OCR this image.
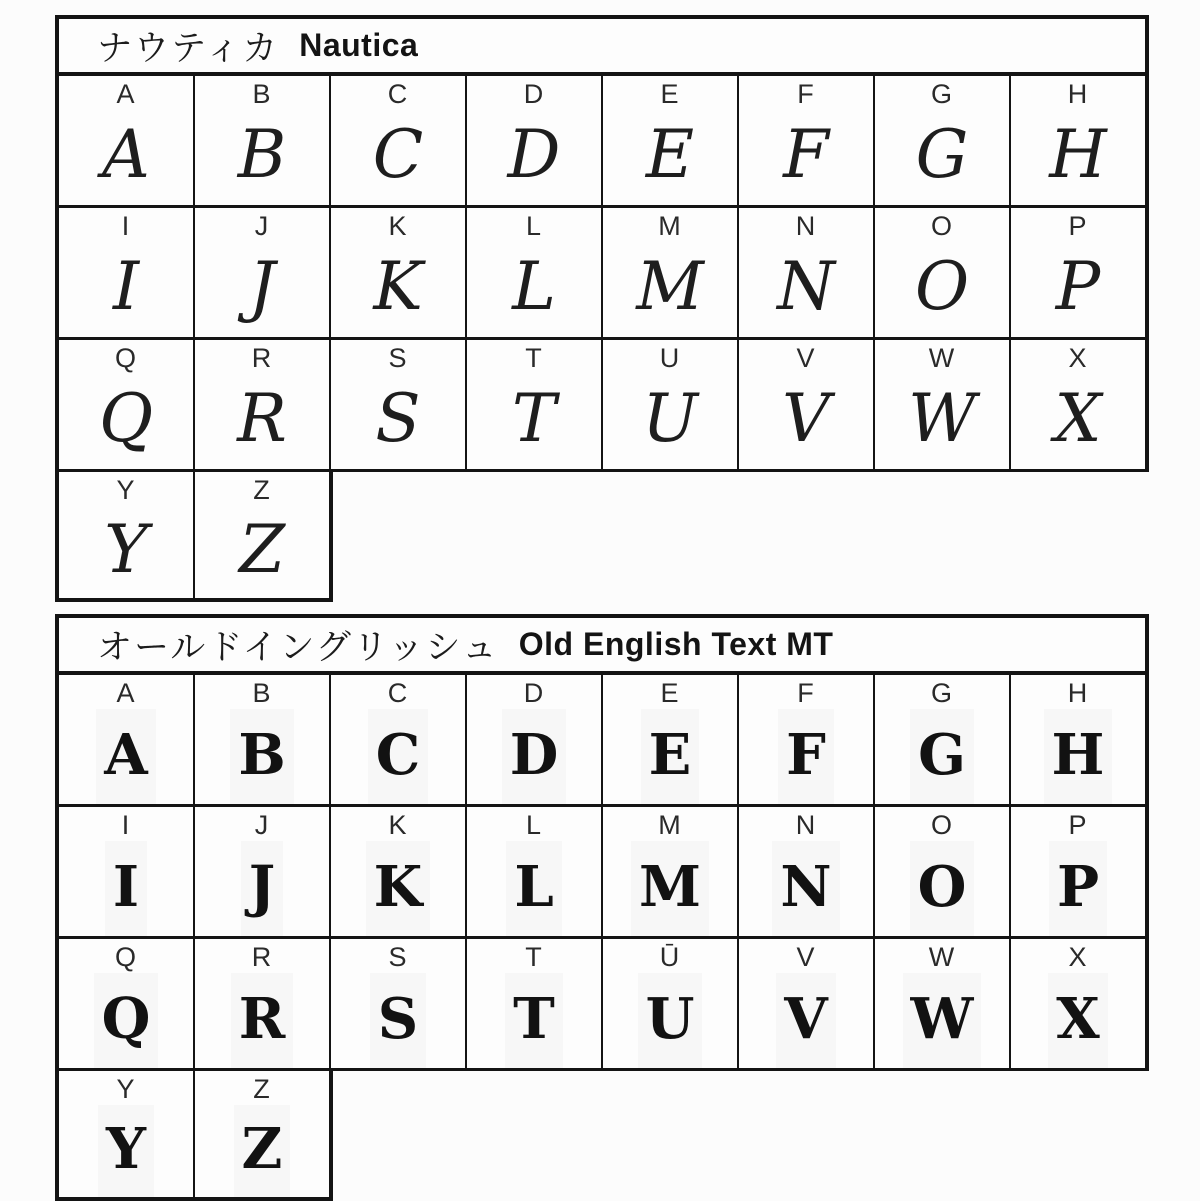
ナウティカ Nautica
A
A
B
B
C
C
D
D
E
E
F
F
G
G
H
H
I
I
J
J
K
K
L
L
M
M
N
N
O
O
P
P
Q
Q
R
R
S
S
T
T
U
U
V
V
W
W
X
X
Y
Y
Z
Z
オールドイングリッシュ Old English Text MT
A
A
B
B
C
C
D
D
E
E
F
F
G
G
H
H
I
I
J
J
K
K
L
L
M
M
N
N
O
O
P
P
Q
Q
R
R
S
S
T
T
Ū
U
V
V
W
W
X
X
Y
Y
Z
Z
